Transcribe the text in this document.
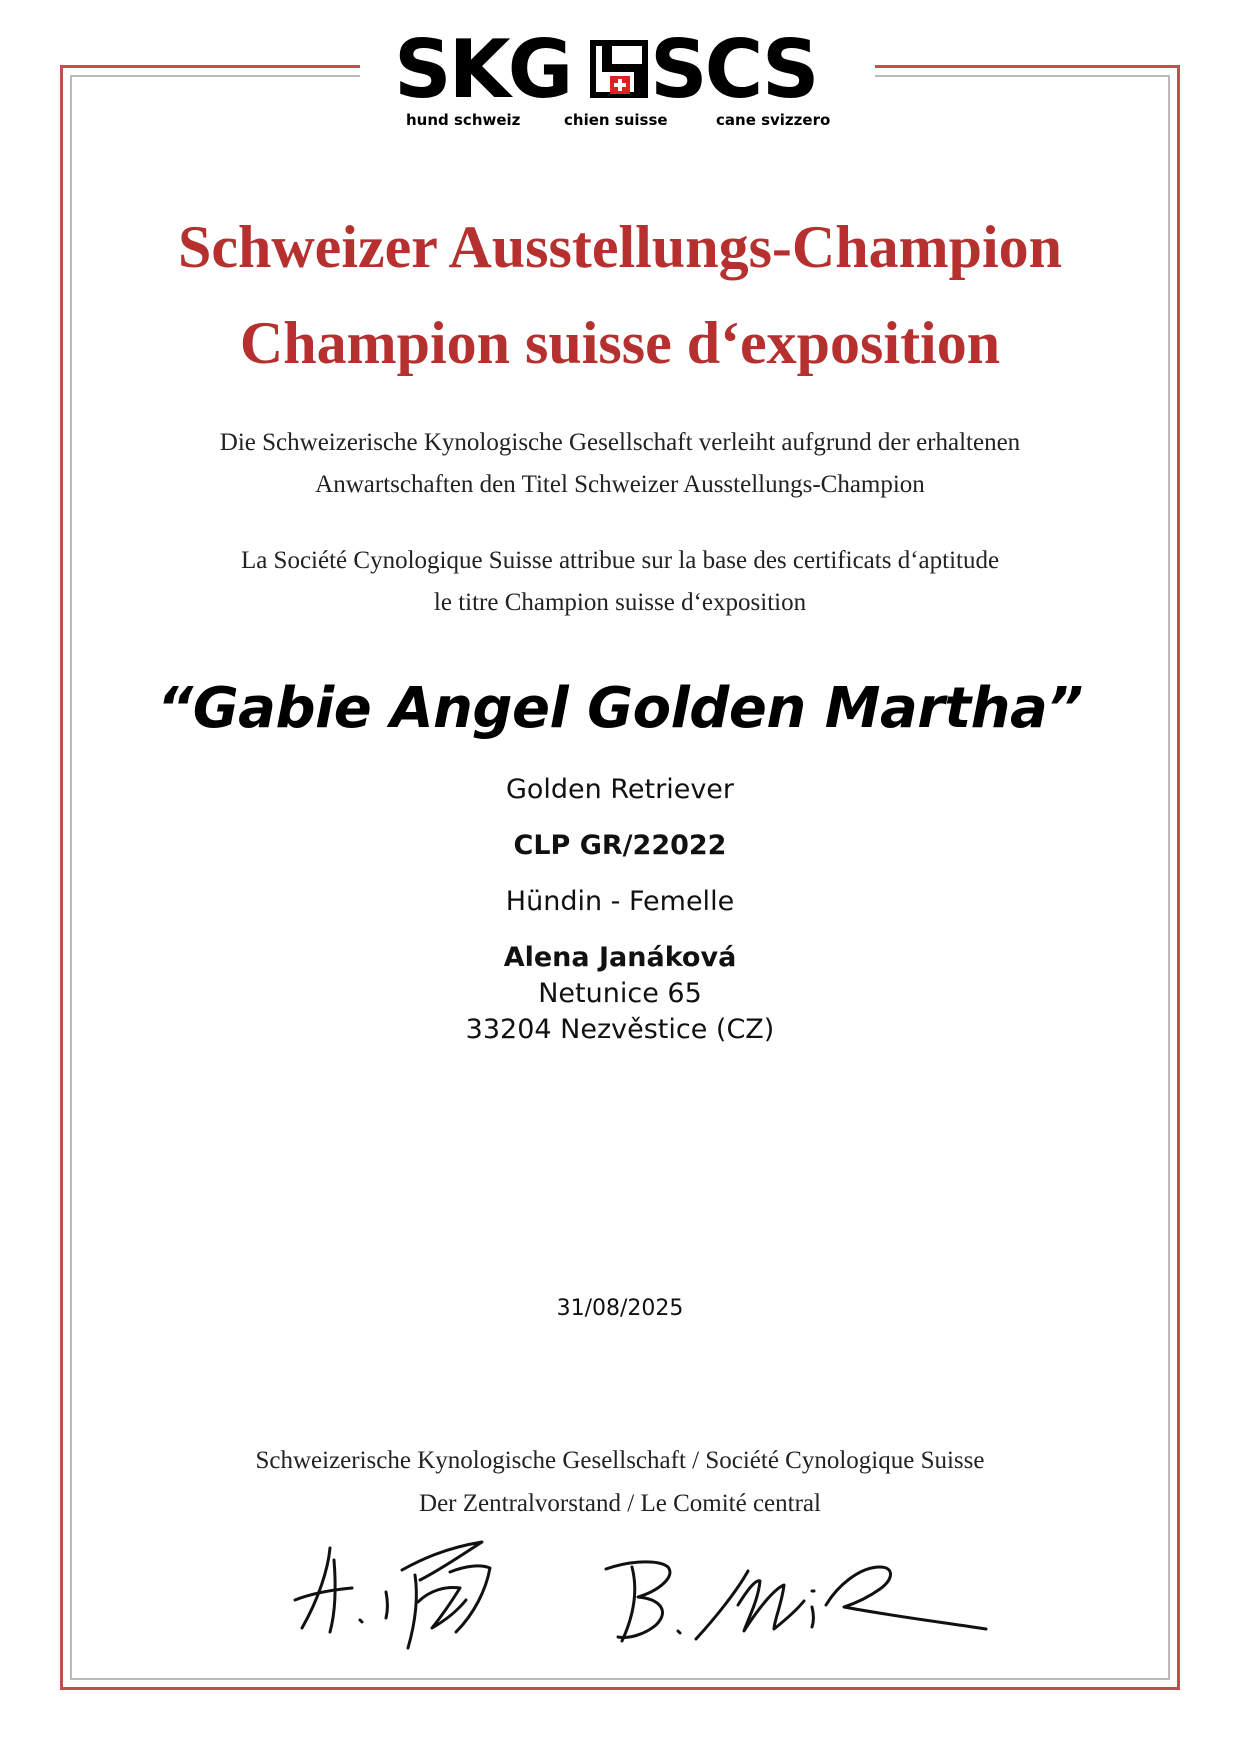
SKG SCS
hund schweiz	chien suisse	cane svizzero
Schweizer Ausstellungs-Champion
Champion suisse d‘exposition
Die Schweizerische Kynologische Gesellschaft verleiht aufgrund der erhaltenen
Anwartschaften den Titel Schweizer Ausstellungs-Champion
La Société Cynologique Suisse attribue sur la base des certificats d‘aptitude
le titre Champion suisse d‘exposition
“Gabie Angel Golden Martha”
Golden Retriever
CLP GR/22022
Hündin - Femelle
Alena Janáková
Netunice 65
33204 Nezvěstice (CZ)
31/08/2025
Schweizerische Kynologische Gesellschaft / Société Cynologique Suisse
Der Zentralvorstand / Le Comité central
